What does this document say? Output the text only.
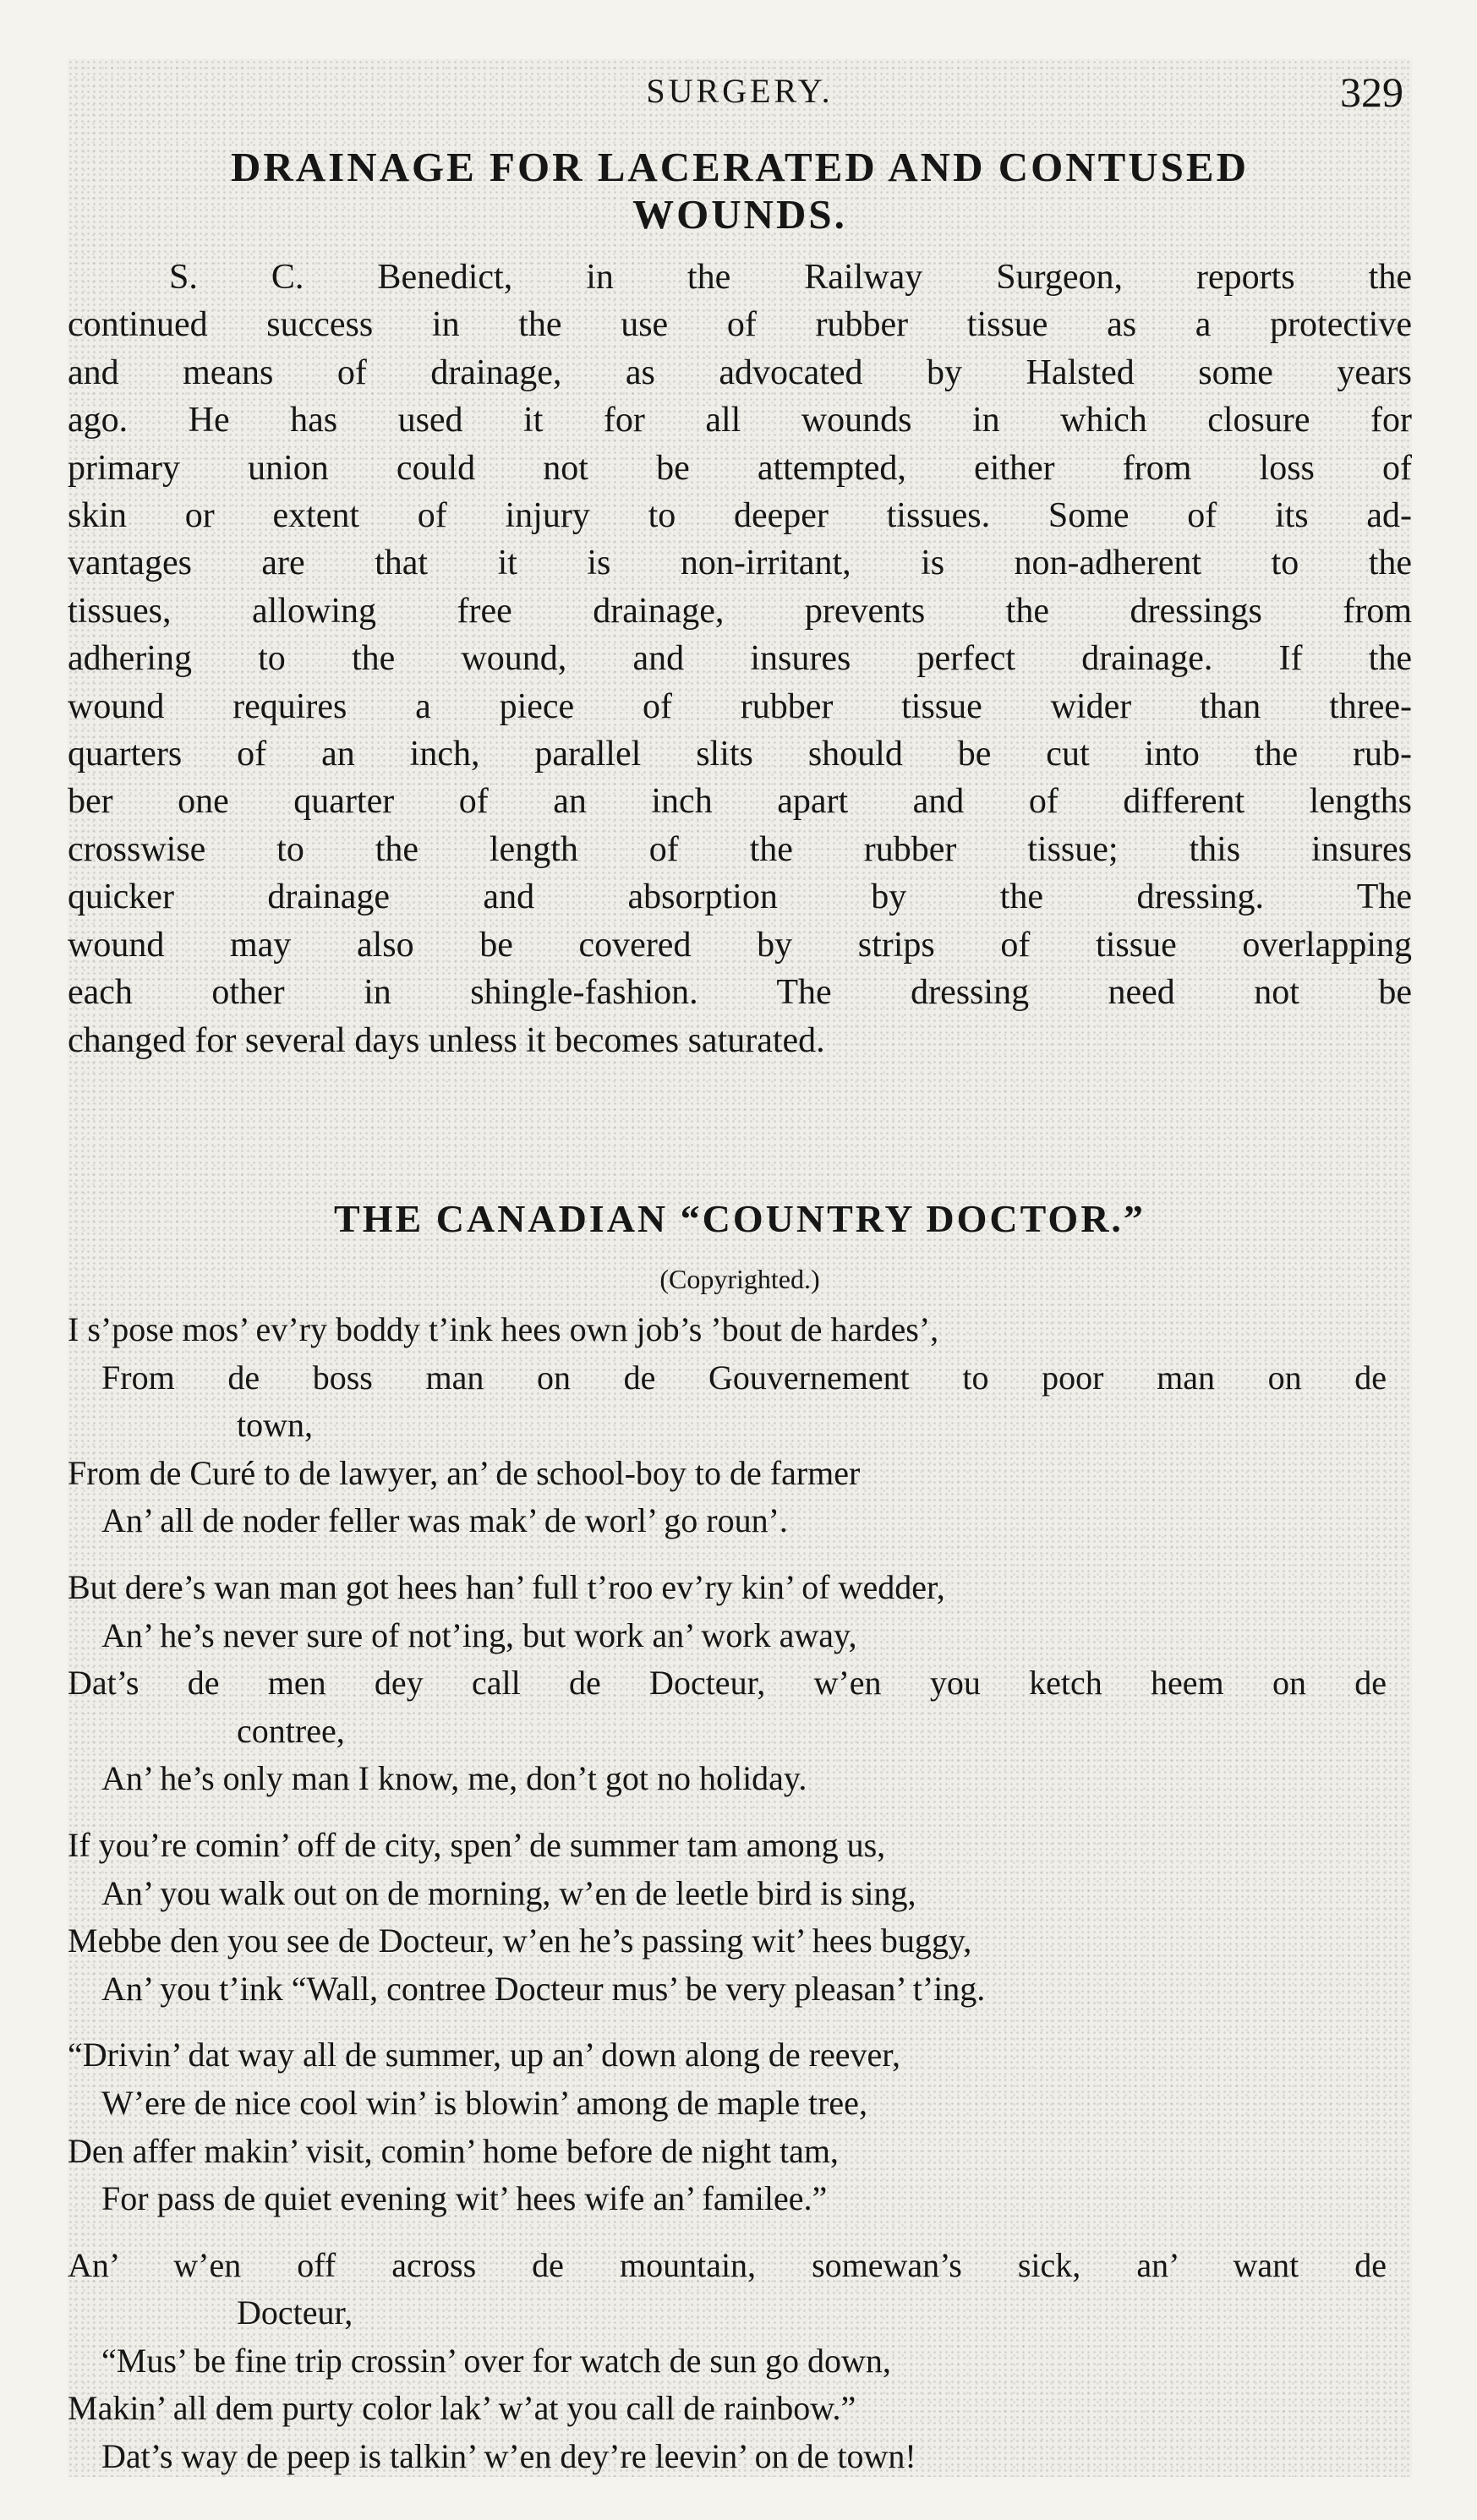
SURGERY.	329
DRAINAGE FOR LACERATED AND CONTUSED
WOUNDS.
S. C. Benedict, in the Railway Surgeon, reports the
continued success in the use of rubber tissue as a protective
and means of drainage, as advocated by Halsted some years
ago. He has used it for all wounds in which closure for
primary union could not be attempted, either from loss of
skin or extent of injury to deeper tissues. Some of its ad-
vantages are that it is non-irritant, is non-adherent to the
tissues, allowing free drainage, prevents the dressings from
adhering to the wound, and insures perfect drainage. If the
wound requires a piece of rubber tissue wider than three-
quarters of an inch, parallel slits should be cut into the rub-
ber one quarter of an inch apart and of different lengths
crosswise to the length of the rubber tissue; this insures
quicker drainage and absorption by the dressing. The
wound may also be covered by strips of tissue overlapping
each other in shingle-fashion. The dressing need not be
changed for several days unless it becomes saturated.
THE CANADIAN “COUNTRY DOCTOR.”
(Copyrighted.)
I s’pose mos’ ev’ry boddy t’ink hees own job’s ’bout de hardes’,
From de boss man on de Gouvernement to poor man on de
town,
From de Curé to de lawyer, an’ de school-boy to de farmer
An’ all de noder feller was mak’ de worl’ go roun’.
But dere’s wan man got hees han’ full t’roo ev’ry kin’ of wedder,
An’ he’s never sure of not’ing, but work an’ work away,
Dat’s de men dey call de Docteur, w’en you ketch heem on de
contree,
An’ he’s only man I know, me, don’t got no holiday.
If you’re comin’ off de city, spen’ de summer tam among us,
An’ you walk out on de morning, w’en de leetle bird is sing,
Mebbe den you see de Docteur, w’en he’s passing wit’ hees buggy,
An’ you t’ink “Wall, contree Docteur mus’ be very pleasan’ t’ing.
“Drivin’ dat way all de summer, up an’ down along de reever,
W’ere de nice cool win’ is blowin’ among de maple tree,
Den affer makin’ visit, comin’ home before de night tam,
For pass de quiet evening wit’ hees wife an’ familee.”
An’ w’en off across de mountain, somewan’s sick, an’ want de
Docteur,
“Mus’ be fine trip crossin’ over for watch de sun go down,
Makin’ all dem purty color lak’ w’at you call de rainbow.”
Dat’s way de peep is talkin’ w’en dey’re leevin’ on de town!
